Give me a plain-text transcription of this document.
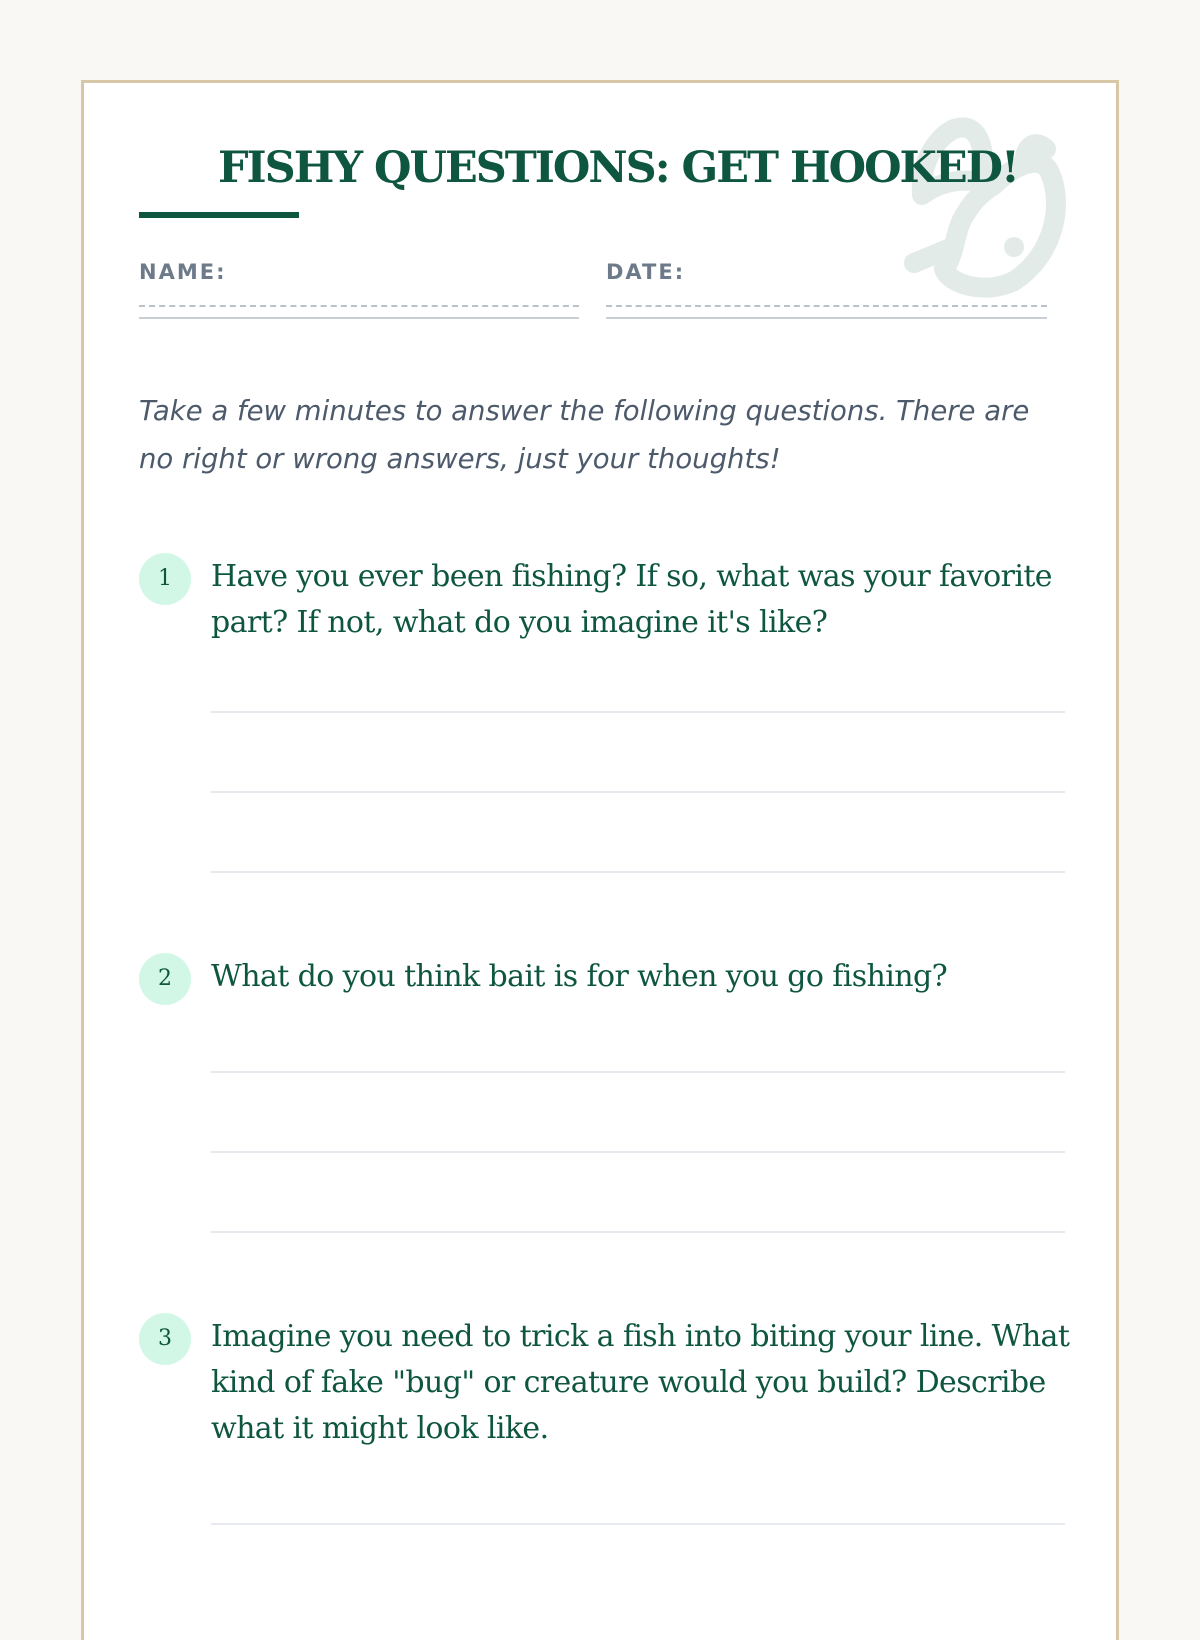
FISHY QUESTIONS: GET HOOKED!
NAME:	DATE:

Take a few minutes to answer the following questions. There are no right or wrong answers, just your thoughts!

1	Have you ever been fishing? If so, what was your favorite part? If not, what do you imagine it's like?

2	What do you think bait is for when you go fishing?

3	Imagine you need to trick a fish into biting your line. What kind of fake "bug" or creature would you build? Describe what it might look like.
